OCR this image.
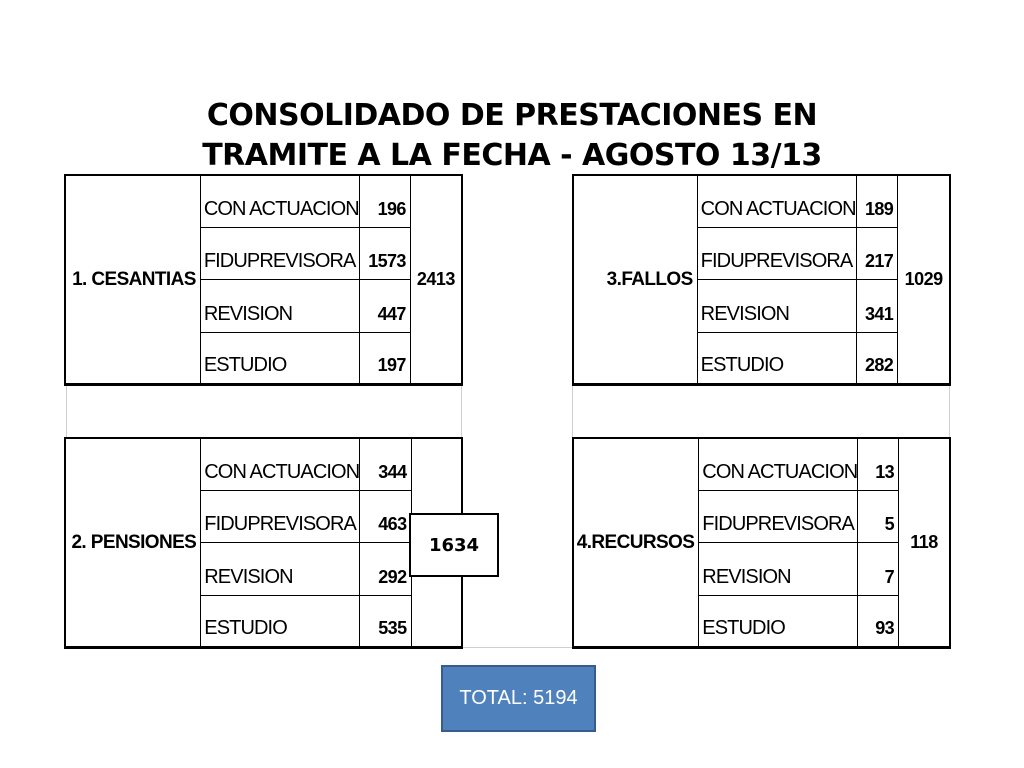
CONSOLIDADO DE PRESTACIONES EN
TRAMITE A LA FECHA - AGOSTO 13/13
1. CESANTIAS	CON ACTUACION	196	2413
	FIDUPREVISORA	1573	
	REVISION	447	
	ESTUDIO	197	
3.FALLOS	CON ACTUACION	189	1029
	FIDUPREVISORA	217	
	REVISION	341	
	ESTUDIO	282	
2. PENSIONES	CON ACTUACION	344	
	FIDUPREVISORA	463	
	REVISION	292	
	ESTUDIO	535	
4.RECURSOS	CON ACTUACION	13	118
	FIDUPREVISORA	5	
	REVISION	7	
	ESTUDIO	93	
1634
TOTAL: 5194
